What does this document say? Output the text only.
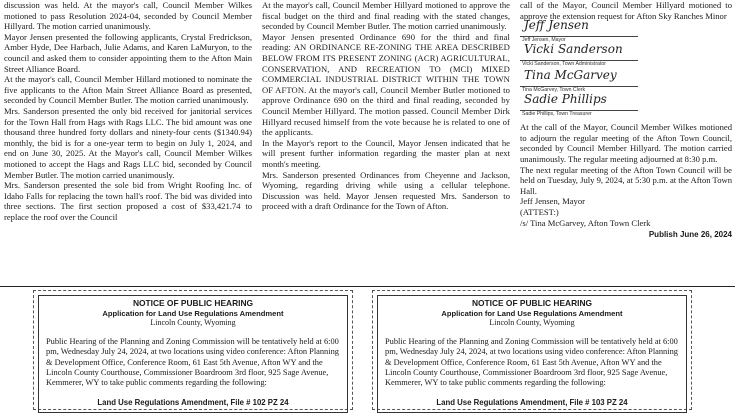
discussion was held. At the mayor's call, Council Member Wilkes motioned to pass Resolution 2024-04, seconded by Council Member Hillyard. The motion carried unanimously.

Mayor Jensen presented the following applicants, Crystal Fredrickson, Amber Hyde, Dee Harbach, Julie Adams, and Karen LaMuryon, to the council and asked them to consider appointing them to the Afton Main Street Alliance Board.

At the mayor's call, Council Member Hillard motioned to nominate the five applicants to the Afton Main Street Alliance Board as presented, seconded by Council Member Butler. The motion carried unanimously.

Mrs. Sanderson presented the only bid received for janitorial services for the Town Hall from Hags with Rags LLC. The bid amount was one thousand three hundred forty dollars and ninety-four cents ($1340.94) monthly, the bid is for a one-year term to begin on July 1, 2024, and end on June 30, 2025. At the Mayor's call, Council Member Wilkes motioned to accept the Hags and Rags LLC bid, seconded by Council Member Butler. The motion carried unanimously.

Mrs. Sanderson presented the sole bid from Wright Roofing Inc. of Idaho Falls for replacing the town hall's roof. The bid was divided into three sections. The first section proposed a cost of $33,421.74 to replace the roof over the Council

At the mayor's call, Council Member Hillyard motioned to approve the fiscal budget on the third and final reading with the stated changes, seconded by Council Member Butler. The motion carried unanimously.

Mayor Jensen presented Ordinance 690 for the third and final reading: AN ORDINANCE RE-ZONING THE AREA DESCRIBED BELOW FROM ITS PRESENT ZONING (ACR) AGRICULTURAL, CONSERVATION, AND RECREATION TO (MCI) MIXED COMMERCIAL INDUSTRIAL DISTRICT WITHIN THE TOWN OF AFTON. At the mayor's call, Council Member Butler motioned to approve Ordinance 690 on the third and final reading, seconded by Council Member Hillyard. The motion passed. Council Member Dirk Hillyard recused himself from the vote because he is related to one of the applicants.

In the Mayor's report to the Council, Mayor Jensen indicated that he will present further information regarding the master plan at next month's meeting.

Mrs. Sanderson presented Ordinances from Cheyenne and Jackson, Wyoming, regarding driving while using a cellular telephone. Discussion was held. Mayor Jensen requested Mrs. Sanderson to proceed with a draft Ordinance for the Town of Afton.

call of the Mayor, Council Member Hillyard motioned to approve the extension request for Afton Sky Ranches Minor

Jeff Jensen
Jeff Jensen, Mayor
Vicki Sanderson
Vicki Sanderson, Town Administrator
Tina McGarvey
Tina McGarvey, Town Clerk
Sadie Phillips
Sadie Phillips, Town Treasurer

At the call of the Mayor, Council Member Wilkes motioned to adjourn the regular meeting of the Afton Town Council, seconded by Council Member Hillyard. The motion carried unanimously. The regular meeting adjourned at 8:30 p.m.

The next regular meeting of the Afton Town Council will be held on Tuesday, July 9, 2024, at 5:30 p.m. at the Afton Town Hall.

Jeff Jensen, Mayor

(ATTEST:)

/s/ Tina McGarvey, Afton Town Clerk

Publish June 26, 2024
NOTICE OF PUBLIC HEARING
Application for Land Use Regulations Amendment
Lincoln County, Wyoming
Public Hearing of the Planning and Zoning Commission will be tentatively held at 6:00 pm, Wednesday July 24, 2024, at two locations using video conference: Afton Planning & Development Office, Conference Room, 61 East 5th Avenue, Afton WY and the Lincoln County Courthouse, Commissioner Boardroom 3rd floor, 925 Sage Avenue, Kemmerer, WY to take public comments regarding the following:
Land Use Regulations Amendment, File # 102 PZ 24
NOTICE OF PUBLIC HEARING
Application for Land Use Regulations Amendment
Lincoln County, Wyoming
Public Hearing of the Planning and Zoning Commission will be tentatively held at 6:00 pm, Wednesday July 24, 2024, at two locations using video conference: Afton Planning & Development Office, Conference Room, 61 East 5th Avenue, Afton WY and the Lincoln County Courthouse, Commissioner Boardroom 3rd floor, 925 Sage Avenue, Kemmerer, WY to take public comments regarding the following:
Land Use Regulations Amendment, File # 103 PZ 24
